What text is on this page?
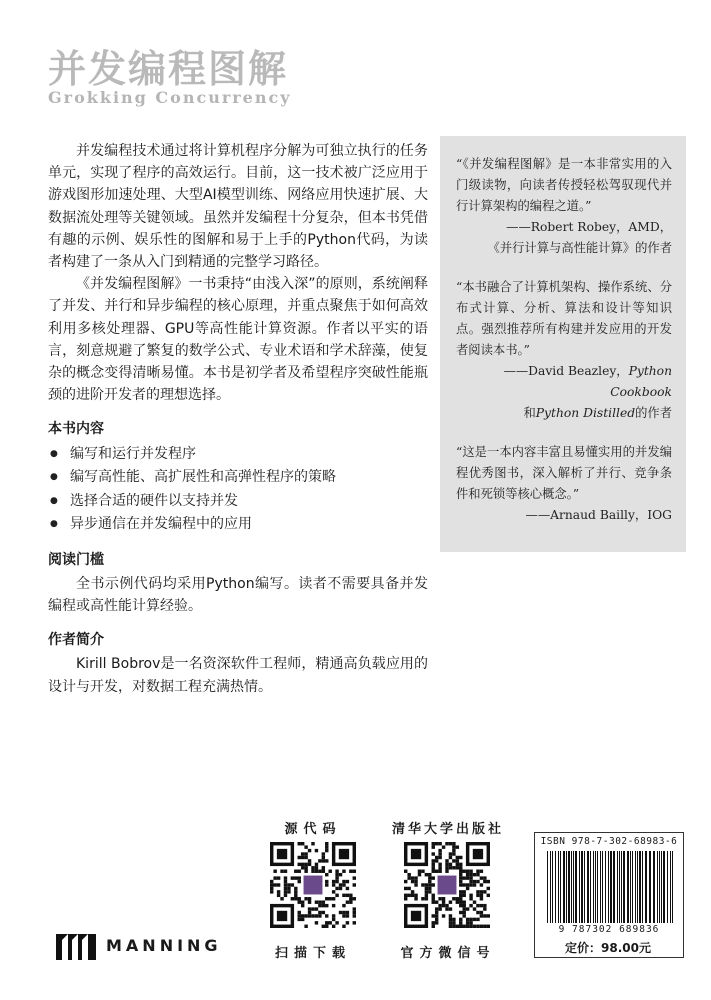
并发编程图解
Grokking Concurrency

并发编程技术通过将计算机程序分解为可独立执行的任务单元，实现了程序的高效运行。目前，这一技术被广泛应用于游戏图形加速处理、大型AI模型训练、网络应用快速扩展、大数据流处理等关键领域。虽然并发编程十分复杂，但本书凭借有趣的示例、娱乐性的图解和易于上手的Python代码，为读者构建了一条从入门到精通的完整学习路径。

《并发编程图解》一书秉持“由浅入深”的原则，系统阐释了并发、并行和异步编程的核心原理，并重点聚焦于如何高效利用多核处理器、GPU等高性能计算资源。作者以平实的语言，刻意规避了繁复的数学公式、专业术语和学术辞藻，使复杂的概念变得清晰易懂。本书是初学者及希望程序突破性能瓶颈的进阶开发者的理想选择。

本书内容
● 编写和运行并发程序
● 编写高性能、高扩展性和高弹性程序的策略
● 选择合适的硬件以支持并发
● 异步通信在并发编程中的应用
阅读门槛

全书示例代码均采用Python编写。读者不需要具备并发编程或高性能计算经验。

作者简介

Kirill Bobrov是一名资深软件工程师，精通高负载应用的设计与开发，对数据工程充满热情。

“《并发编程图解》是一本非常实用的入门级读物，向读者传授轻松驾驭现代并行计算架构的编程之道。”

——Robert Robey，AMD，

《并行计算与高性能计算》的作者

“本书融合了计算机架构、操作系统、分布式计算、分析、算法和设计等知识点。强烈推荐所有构建并发应用的开发者阅读本书。”

——David Beazley，Python Cookbook

和Python Distilled的作者

“这是一本内容丰富且易懂实用的并发编程优秀图书，深入解析了并行、竞争条件和死锁等核心概念。”

——Arnaud Bailly，IOG

源代码
扫描下载
清华大学出版社
官方微信号
MANNING
ISBN 978-7-302-68983-6
9 787302 689836
定价：98.00元
